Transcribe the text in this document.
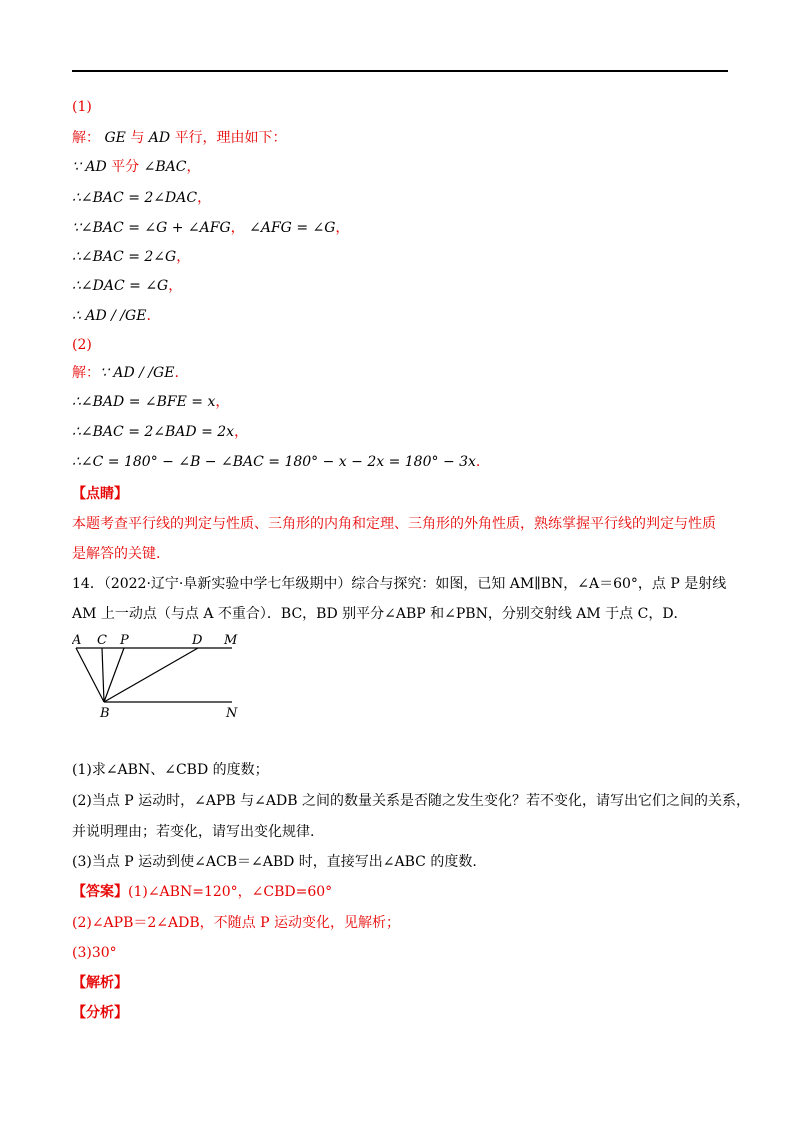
(1)
解： GE 与 AD 平行，理由如下：
∵ AD 平分 ∠BAC，
∴∠BAC = 2∠DAC，
∵∠BAC = ∠G + ∠AFG， ∠AFG = ∠G，
∴∠BAC = 2∠G，
∴∠DAC = ∠G，
∴ AD / /GE.
(2)
解：∵ AD / /GE.
∴∠BAD = ∠BFE = x，
∴∠BAC = 2∠BAD = 2x，
∴∠C = 180° − ∠B − ∠BAC = 180° − x − 2x = 180° − 3x.
【点睛】
本题考查平行线的判定与性质、三角形的内角和定理、三角形的外角性质，熟练掌握平行线的判定与性质
是解答的关键.
14．（2022·辽宁·阜新实验中学七年级期中）综合与探究：如图，已知 AM∥BN，∠A＝60°，点 P 是射线
AM 上一动点（与点 A 不重合）．BC，BD 别平分∠ABP 和∠PBN，分别交射线 AM 于点 C，D．
A C P	D M
B	N
(1)求∠ABN、∠CBD 的度数；
(2)当点 P 运动时，∠APB 与∠ADB 之间的数量关系是否随之发生变化？若不变化，请写出它们之间的关系，
并说明理由；若变化，请写出变化规律.
(3)当点 P 运动到使∠ACB＝∠ABD 时，直接写出∠ABC 的度数.
【答案】(1)∠ABN=120°，∠CBD=60°
(2)∠APB＝2∠ADB，不随点 P 运动变化，见解析；
(3)30°
【解析】
【分析】
